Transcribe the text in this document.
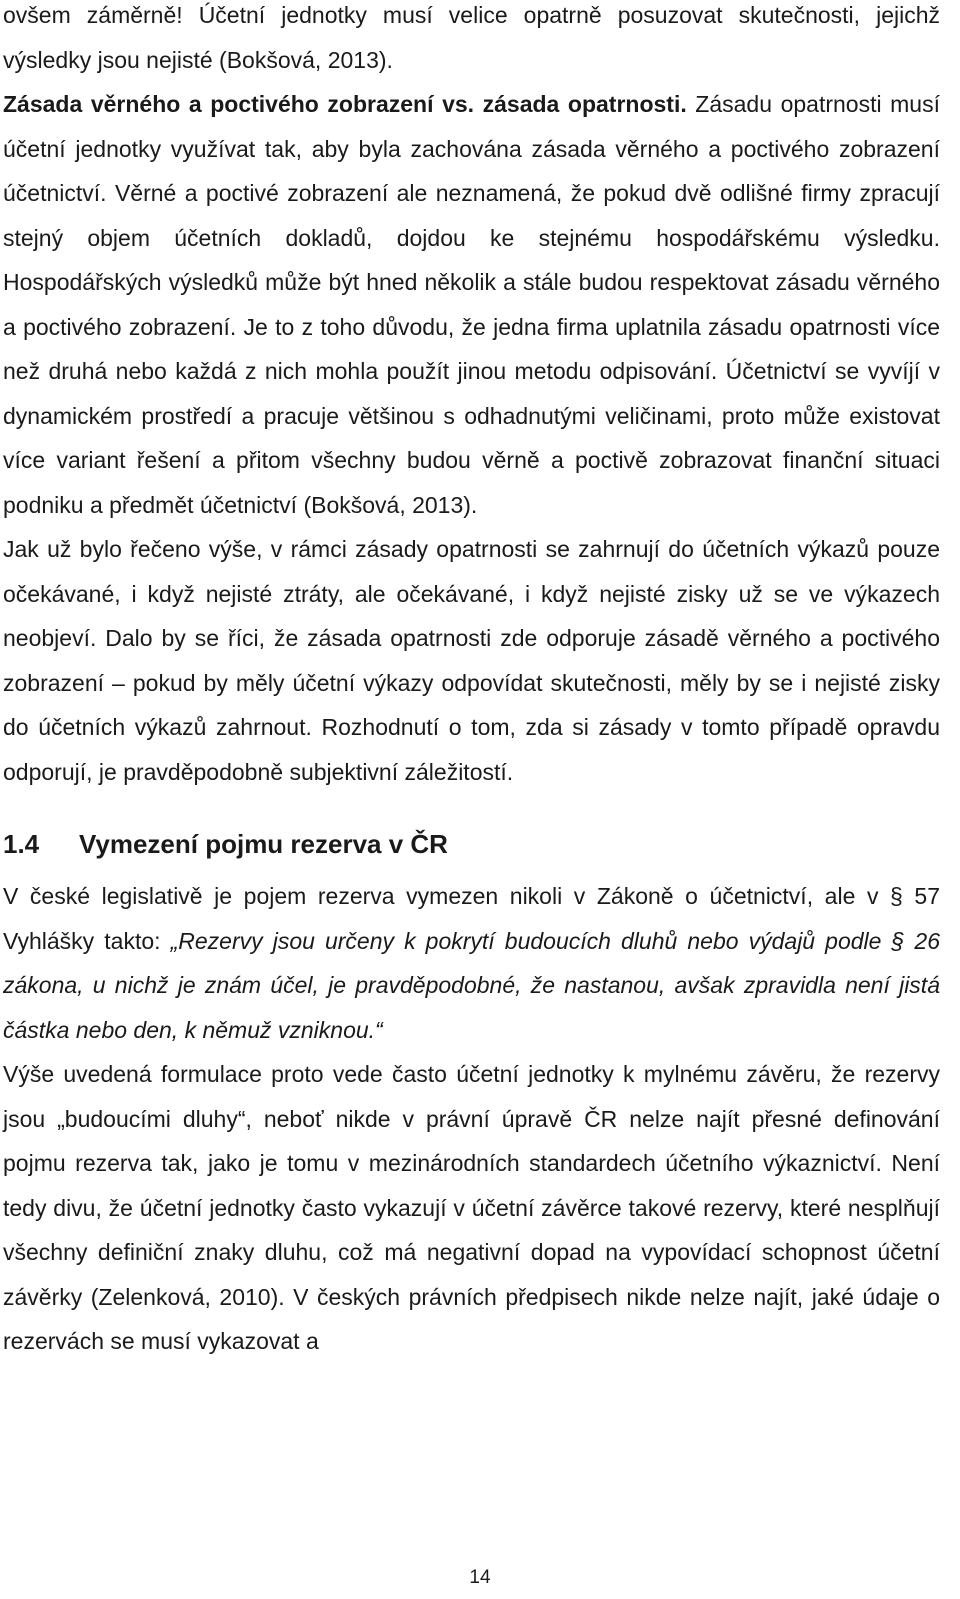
ovšem záměrně! Účetní jednotky musí velice opatrně posuzovat skutečnosti, jejichž výsledky jsou nejisté (Bokšová, 2013).

Zásada věrného a poctivého zobrazení vs. zásada opatrnosti. Zásadu opatrnosti musí účetní jednotky využívat tak, aby byla zachována zásada věrného a poctivého zobrazení účetnictví. Věrné a poctivé zobrazení ale neznamená, že pokud dvě odlišné firmy zpracují stejný objem účetních dokladů, dojdou ke stejnému hospodářskému výsledku. Hospodářských výsledků může být hned několik a stále budou respektovat zásadu věrného a poctivého zobrazení. Je to z toho důvodu, že jedna firma uplatnila zásadu opatrnosti více než druhá nebo každá z nich mohla použít jinou metodu odpisování. Účetnictví se vyvíjí v dynamickém prostředí a pracuje většinou s odhadnutými veličinami, proto může existovat více variant řešení a přitom všechny budou věrně a poctivě zobrazovat finanční situaci podniku a předmět účetnictví (Bokšová, 2013).

Jak už bylo řečeno výše, v rámci zásady opatrnosti se zahrnují do účetních výkazů pouze očekávané, i když nejisté ztráty, ale očekávané, i když nejisté zisky už se ve výkazech neobjeví. Dalo by se říci, že zásada opatrnosti zde odporuje zásadě věrného a poctivého zobrazení – pokud by měly účetní výkazy odpovídat skutečnosti, měly by se i nejisté zisky do účetních výkazů zahrnout. Rozhodnutí o tom, zda si zásady v tomto případě opravdu odporují, je pravděpodobně subjektivní záležitostí.

1.4 Vymezení pojmu rezerva v ČR

V české legislativě je pojem rezerva vymezen nikoli v Zákoně o účetnictví, ale v § 57 Vyhlášky takto: „Rezervy jsou určeny k pokrytí budoucích dluhů nebo výdajů podle § 26 zákona, u nichž je znám účel, je pravděpodobné, že nastanou, avšak zpravidla není jistá částka nebo den, k němuž vzniknou.“

Výše uvedená formulace proto vede často účetní jednotky k mylnému závěru, že rezervy jsou „budoucími dluhy“, neboť nikde v právní úpravě ČR nelze najít přesné definování pojmu rezerva tak, jako je tomu v mezinárodních standardech účetního výkaznictví. Není tedy divu, že účetní jednotky často vykazují v účetní závěrce takové rezervy, které nesplňují všechny definiční znaky dluhu, což má negativní dopad na vypovídací schopnost účetní závěrky (Zelenková, 2010). V českých právních předpisech nikde nelze najít, jaké údaje o rezervách se musí vykazovat a

14
